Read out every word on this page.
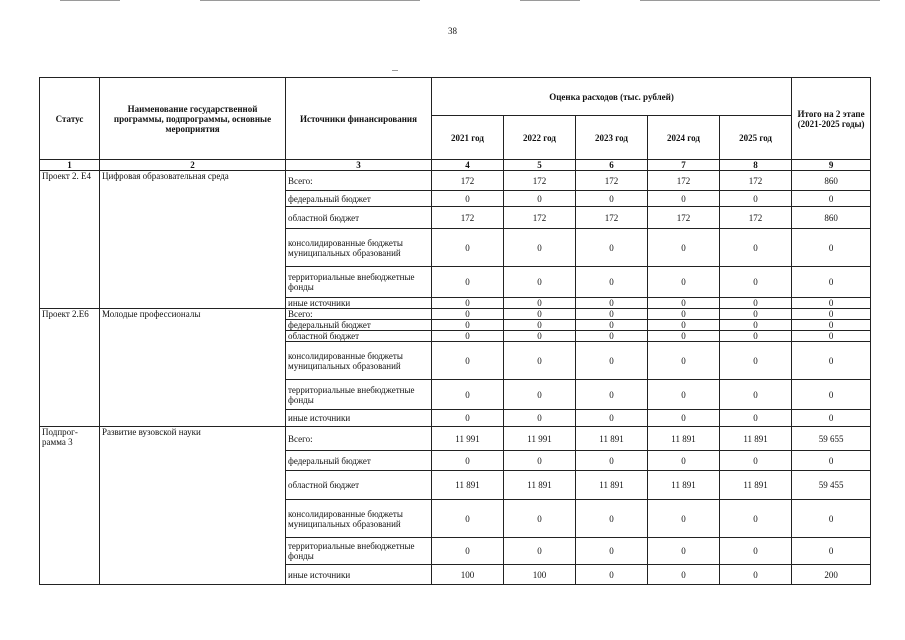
38
Статус	Наименование государственной программы, подпрограммы, основные мероприятия	Источники финансирования	Оценка расходов (тыс. рублей)					Итого на 2 этапе (2021-2025 годы)
			2021 год	2022 год	2023 год	2024 год	2025 год	
1	2	3	4	5	6	7	8	9
Проект 2. Е4	Цифровая образовательная среда	Всего:	172	172	172	172	172	860
		федеральный бюджет	0	0	0	0	0	0
		областной бюджет	172	172	172	172	172	860
		консолидированные бюджеты муниципальных образований	0	0	0	0	0	0
		территориальные внебюджетные фонды	0	0	0	0	0	0
		иные источники	0	0	0	0	0	0
Проект 2.Е6	Молодые профессионалы	Всего:	0	0	0	0	0	0
		федеральный бюджет	0	0	0	0	0	0
		областной бюджет	0	0	0	0	0	0
		консолидированные бюджеты муниципальных образований	0	0	0	0	0	0
		территориальные внебюджетные фонды	0	0	0	0	0	0
		иные источники	0	0	0	0	0	0
Подпрог- рамма 3	Развитие вузовской науки	Всего:	11 991	11 991	11 891	11 891	11 891	59 655
		федеральный бюджет	0	0	0	0	0	0
		областной бюджет	11 891	11 891	11 891	11 891	11 891	59 455
		консолидированные бюджеты муниципальных образований	0	0	0	0	0	0
		территориальные внебюджетные фонды	0	0	0	0	0	0
		иные источники	100	100	0	0	0	200
